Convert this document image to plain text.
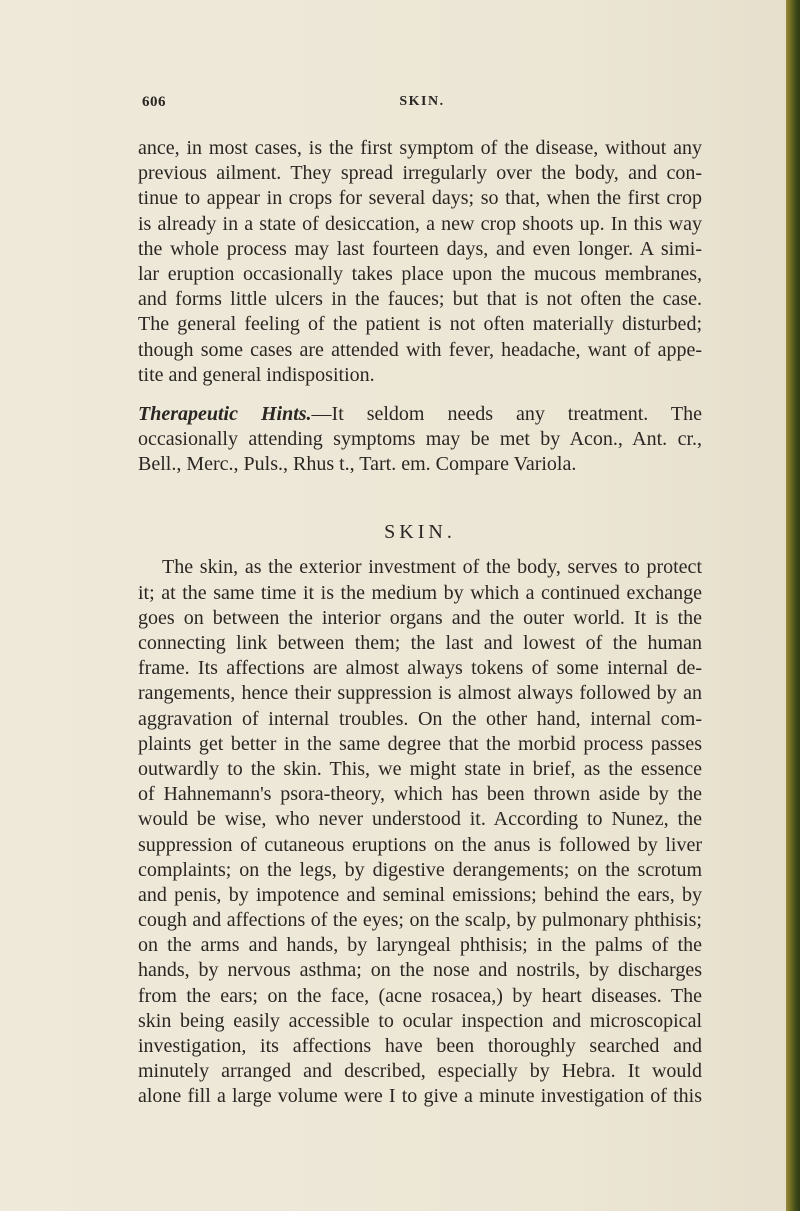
606	SKIN.
ance, in most cases, is the first symptom of the disease, without any
previous ailment. They spread irregularly over the body, and con-
tinue to appear in crops for several days; so that, when the first crop
is already in a state of desiccation, a new crop shoots up. In this way
the whole process may last fourteen days, and even longer. A simi-
lar eruption occasionally takes place upon the mucous membranes,
and forms little ulcers in the fauces; but that is not often the case.
The general feeling of the patient is not often materially disturbed;
though some cases are attended with fever, headache, want of appe-
tite and general indisposition.
Therapeutic Hints.—It seldom needs any treatment. The
occasionally attending symptoms may be met by Acon., Ant. cr.,
Bell., Merc., Puls., Rhus t., Tart. em. Compare Variola.
SKIN.
The skin, as the exterior investment of the body, serves to protect
it; at the same time it is the medium by which a continued exchange
goes on between the interior organs and the outer world. It is the
connecting link between them; the last and lowest of the human
frame. Its affections are almost always tokens of some internal de-
rangements, hence their suppression is almost always followed by an
aggravation of internal troubles. On the other hand, internal com-
plaints get better in the same degree that the morbid process passes
outwardly to the skin. This, we might state in brief, as the essence
of Hahnemann's psora-theory, which has been thrown aside by the
would be wise, who never understood it. According to Nunez, the
suppression of cutaneous eruptions on the anus is followed by liver
complaints; on the legs, by digestive derangements; on the scrotum
and penis, by impotence and seminal emissions; behind the ears, by
cough and affections of the eyes; on the scalp, by pulmonary phthisis;
on the arms and hands, by laryngeal phthisis; in the palms of the
hands, by nervous asthma; on the nose and nostrils, by discharges
from the ears; on the face, (acne rosacea,) by heart diseases. The
skin being easily accessible to ocular inspection and microscopical
investigation, its affections have been thoroughly searched and
minutely arranged and described, especially by Hebra. It would
alone fill a large volume were I to give a minute investigation of this
